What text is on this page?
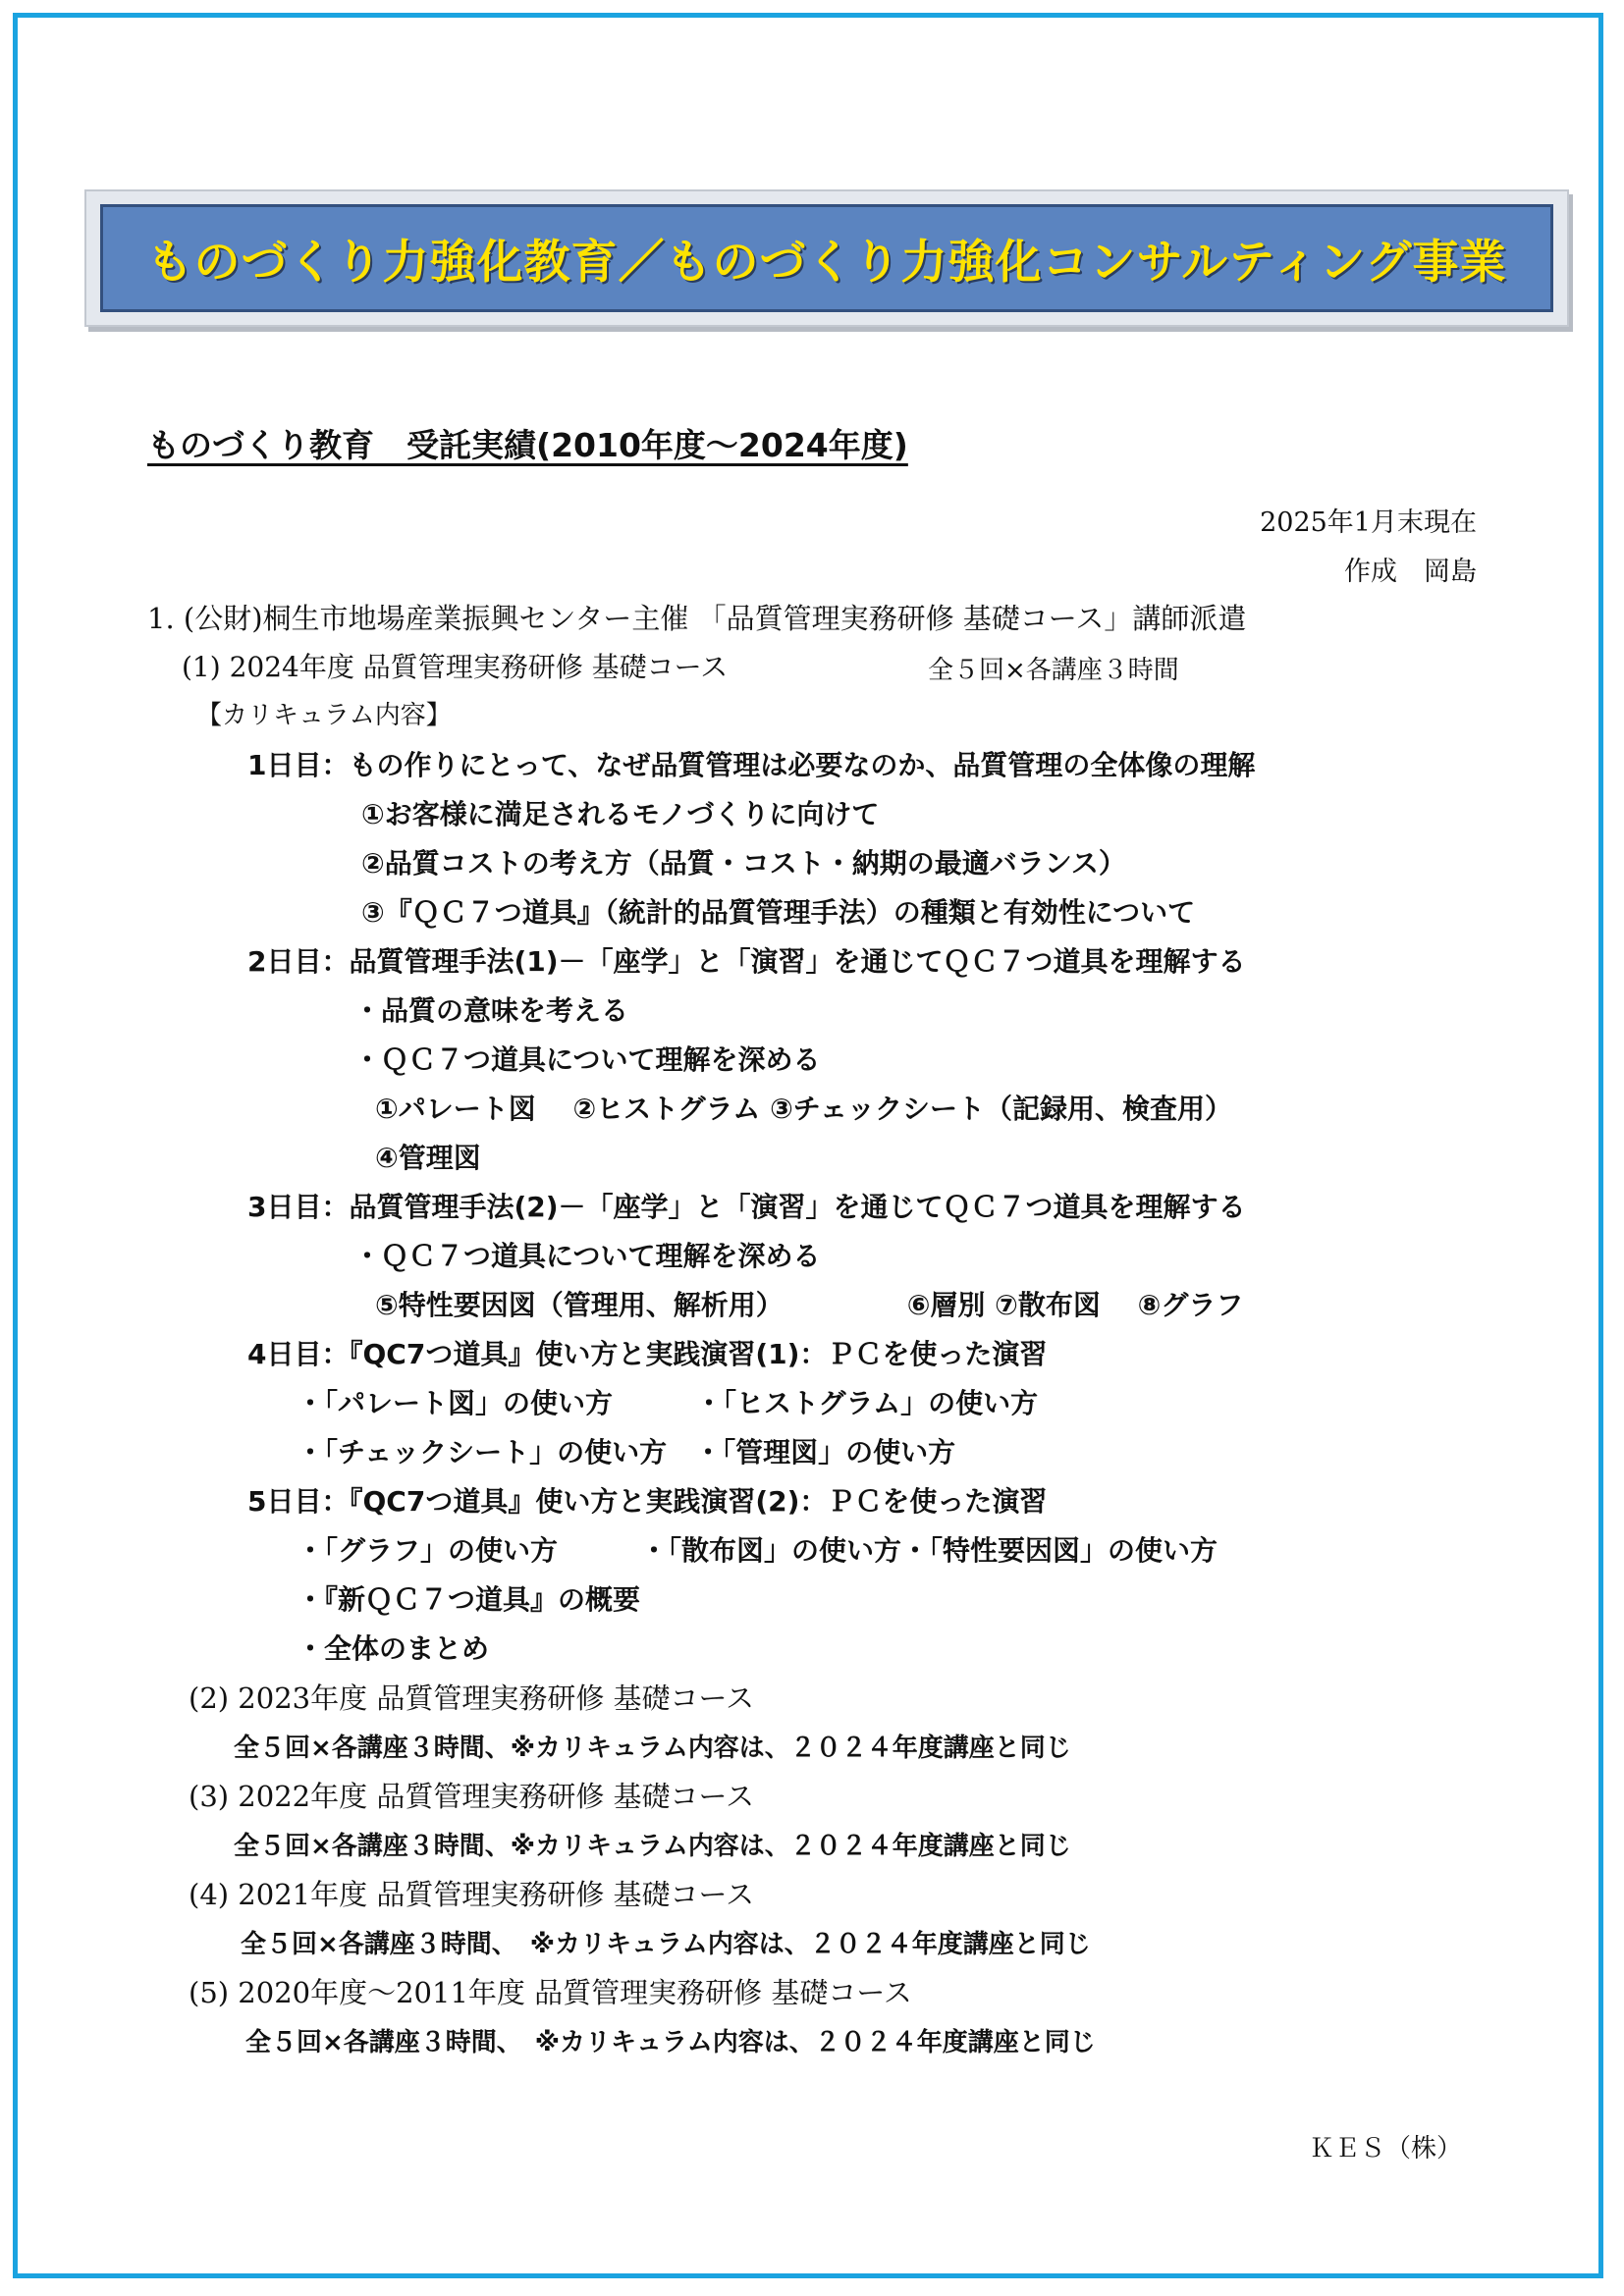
ものづくり力強化教育／ものづくり力強化コンサルティング事業
ものづくり教育　受託実績(2010年度～2024年度)
2025年1月末現在
作成　岡島
1. (公財)桐生市地場産業振興センター主催 「品質管理実務研修 基礎コース」講師派遣
(1) 2024年度 品質管理実務研修 基礎コース	全５回×各講座３時間
【カリキュラム内容】
1日目：もの作りにとって、なぜ品質管理は必要なのか、品質管理の全体像の理解
①お客様に満足されるモノづくりに向けて
②品質コストの考え方（品質・コスト・納期の最適バランス）
③『ＱＣ７つ道具』（統計的品質管理手法）の種類と有効性について
2日目：品質管理手法(1)－「座学」と「演習」を通じてＱＣ７つ道具を理解する
・品質の意味を考える
・ＱＣ７つ道具について理解を深める
①パレート図　 ②ヒストグラム ③チェックシート（記録用、検査用）
④管理図
3日目：品質管理手法(2)－「座学」と「演習」を通じてＱＣ７つ道具を理解する
・ＱＣ７つ道具について理解を深める
⑤特性要因図（管理用、解析用）　　　　　⑥層別 ⑦散布図　 ⑧グラフ
4日目：『QC7つ道具』使い方と実践演習(1)：ＰＣを使った演習
・「パレート図」の使い方　　　・「ヒストグラム」の使い方
・「チェックシート」の使い方　・「管理図」の使い方
5日目：『QC7つ道具』使い方と実践演習(2)：ＰＣを使った演習
・「グラフ」の使い方　　　・「散布図」の使い方・「特性要因図」の使い方
・『新ＱＣ７つ道具』の概要
・全体のまとめ
(2) 2023年度 品質管理実務研修 基礎コース
全５回×各講座３時間、※カリキュラム内容は、２０２４年度講座と同じ
(3) 2022年度 品質管理実務研修 基礎コース
全５回×各講座３時間、※カリキュラム内容は、２０２４年度講座と同じ
(4) 2021年度 品質管理実務研修 基礎コース
全５回×各講座３時間、　※カリキュラム内容は、２０２４年度講座と同じ
(5) 2020年度～2011年度 品質管理実務研修 基礎コース
全５回×各講座３時間、　※カリキュラム内容は、２０２４年度講座と同じ
ＫＥＳ（株）
